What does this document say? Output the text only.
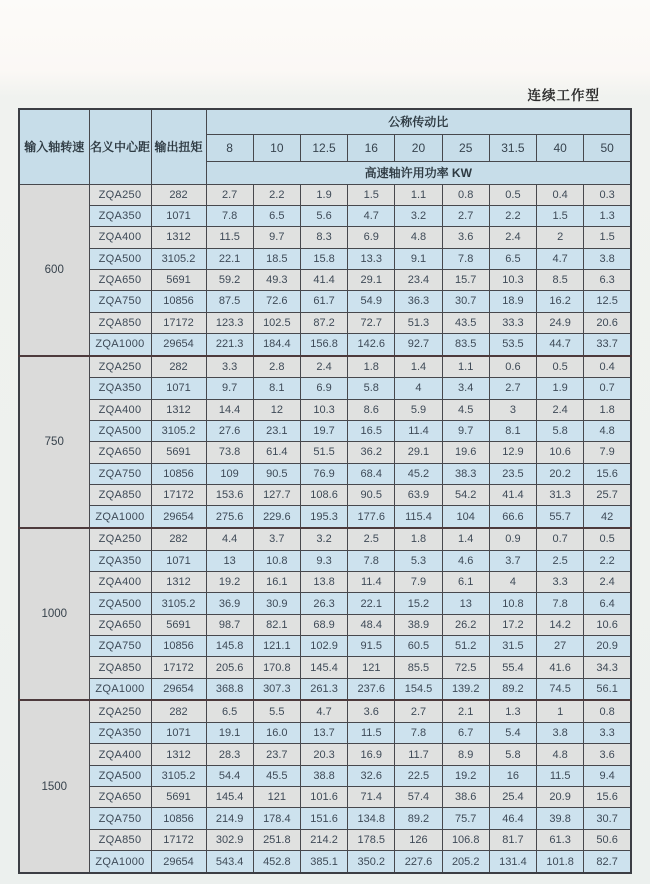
连续工作型
输入轴转速	名义中心距	输出扭矩	公称传动比								
			8	10	12.5	16	20	25	31.5	40	50
			高速轴许用功率 KW								
600	ZQA250	282	2.7	2.2	1.9	1.5	1.1	0.8	0.5	0.4	0.3
	ZQA350	1071	7.8	6.5	5.6	4.7	3.2	2.7	2.2	1.5	1.3
	ZQA400	1312	11.5	9.7	8.3	6.9	4.8	3.6	2.4	2	1.5
	ZQA500	3105.2	22.1	18.5	15.8	13.3	9.1	7.8	6.5	4.7	3.8
	ZQA650	5691	59.2	49.3	41.4	29.1	23.4	15.7	10.3	8.5	6.3
	ZQA750	10856	87.5	72.6	61.7	54.9	36.3	30.7	18.9	16.2	12.5
	ZQA850	17172	123.3	102.5	87.2	72.7	51.3	43.5	33.3	24.9	20.6
	ZQA1000	29654	221.3	184.4	156.8	142.6	92.7	83.5	53.5	44.7	33.7
750	ZQA250	282	3.3	2.8	2.4	1.8	1.4	1.1	0.6	0.5	0.4
	ZQA350	1071	9.7	8.1	6.9	5.8	4	3.4	2.7	1.9	0.7
	ZQA400	1312	14.4	12	10.3	8.6	5.9	4.5	3	2.4	1.8
	ZQA500	3105.2	27.6	23.1	19.7	16.5	11.4	9.7	8.1	5.8	4.8
	ZQA650	5691	73.8	61.4	51.5	36.2	29.1	19.6	12.9	10.6	7.9
	ZQA750	10856	109	90.5	76.9	68.4	45.2	38.3	23.5	20.2	15.6
	ZQA850	17172	153.6	127.7	108.6	90.5	63.9	54.2	41.4	31.3	25.7
	ZQA1000	29654	275.6	229.6	195.3	177.6	115.4	104	66.6	55.7	42
1000	ZQA250	282	4.4	3.7	3.2	2.5	1.8	1.4	0.9	0.7	0.5
	ZQA350	1071	13	10.8	9.3	7.8	5.3	4.6	3.7	2.5	2.2
	ZQA400	1312	19.2	16.1	13.8	11.4	7.9	6.1	4	3.3	2.4
	ZQA500	3105.2	36.9	30.9	26.3	22.1	15.2	13	10.8	7.8	6.4
	ZQA650	5691	98.7	82.1	68.9	48.4	38.9	26.2	17.2	14.2	10.6
	ZQA750	10856	145.8	121.1	102.9	91.5	60.5	51.2	31.5	27	20.9
	ZQA850	17172	205.6	170.8	145.4	121	85.5	72.5	55.4	41.6	34.3
	ZQA1000	29654	368.8	307.3	261.3	237.6	154.5	139.2	89.2	74.5	56.1
1500	ZQA250	282	6.5	5.5	4.7	3.6	2.7	2.1	1.3	1	0.8
	ZQA350	1071	19.1	16.0	13.7	11.5	7.8	6.7	5.4	3.8	3.3
	ZQA400	1312	28.3	23.7	20.3	16.9	11.7	8.9	5.8	4.8	3.6
	ZQA500	3105.2	54.4	45.5	38.8	32.6	22.5	19.2	16	11.5	9.4
	ZQA650	5691	145.4	121	101.6	71.4	57.4	38.6	25.4	20.9	15.6
	ZQA750	10856	214.9	178.4	151.6	134.8	89.2	75.7	46.4	39.8	30.7
	ZQA850	17172	302.9	251.8	214.2	178.5	126	106.8	81.7	61.3	50.6
	ZQA1000	29654	543.4	452.8	385.1	350.2	227.6	205.2	131.4	101.8	82.7
